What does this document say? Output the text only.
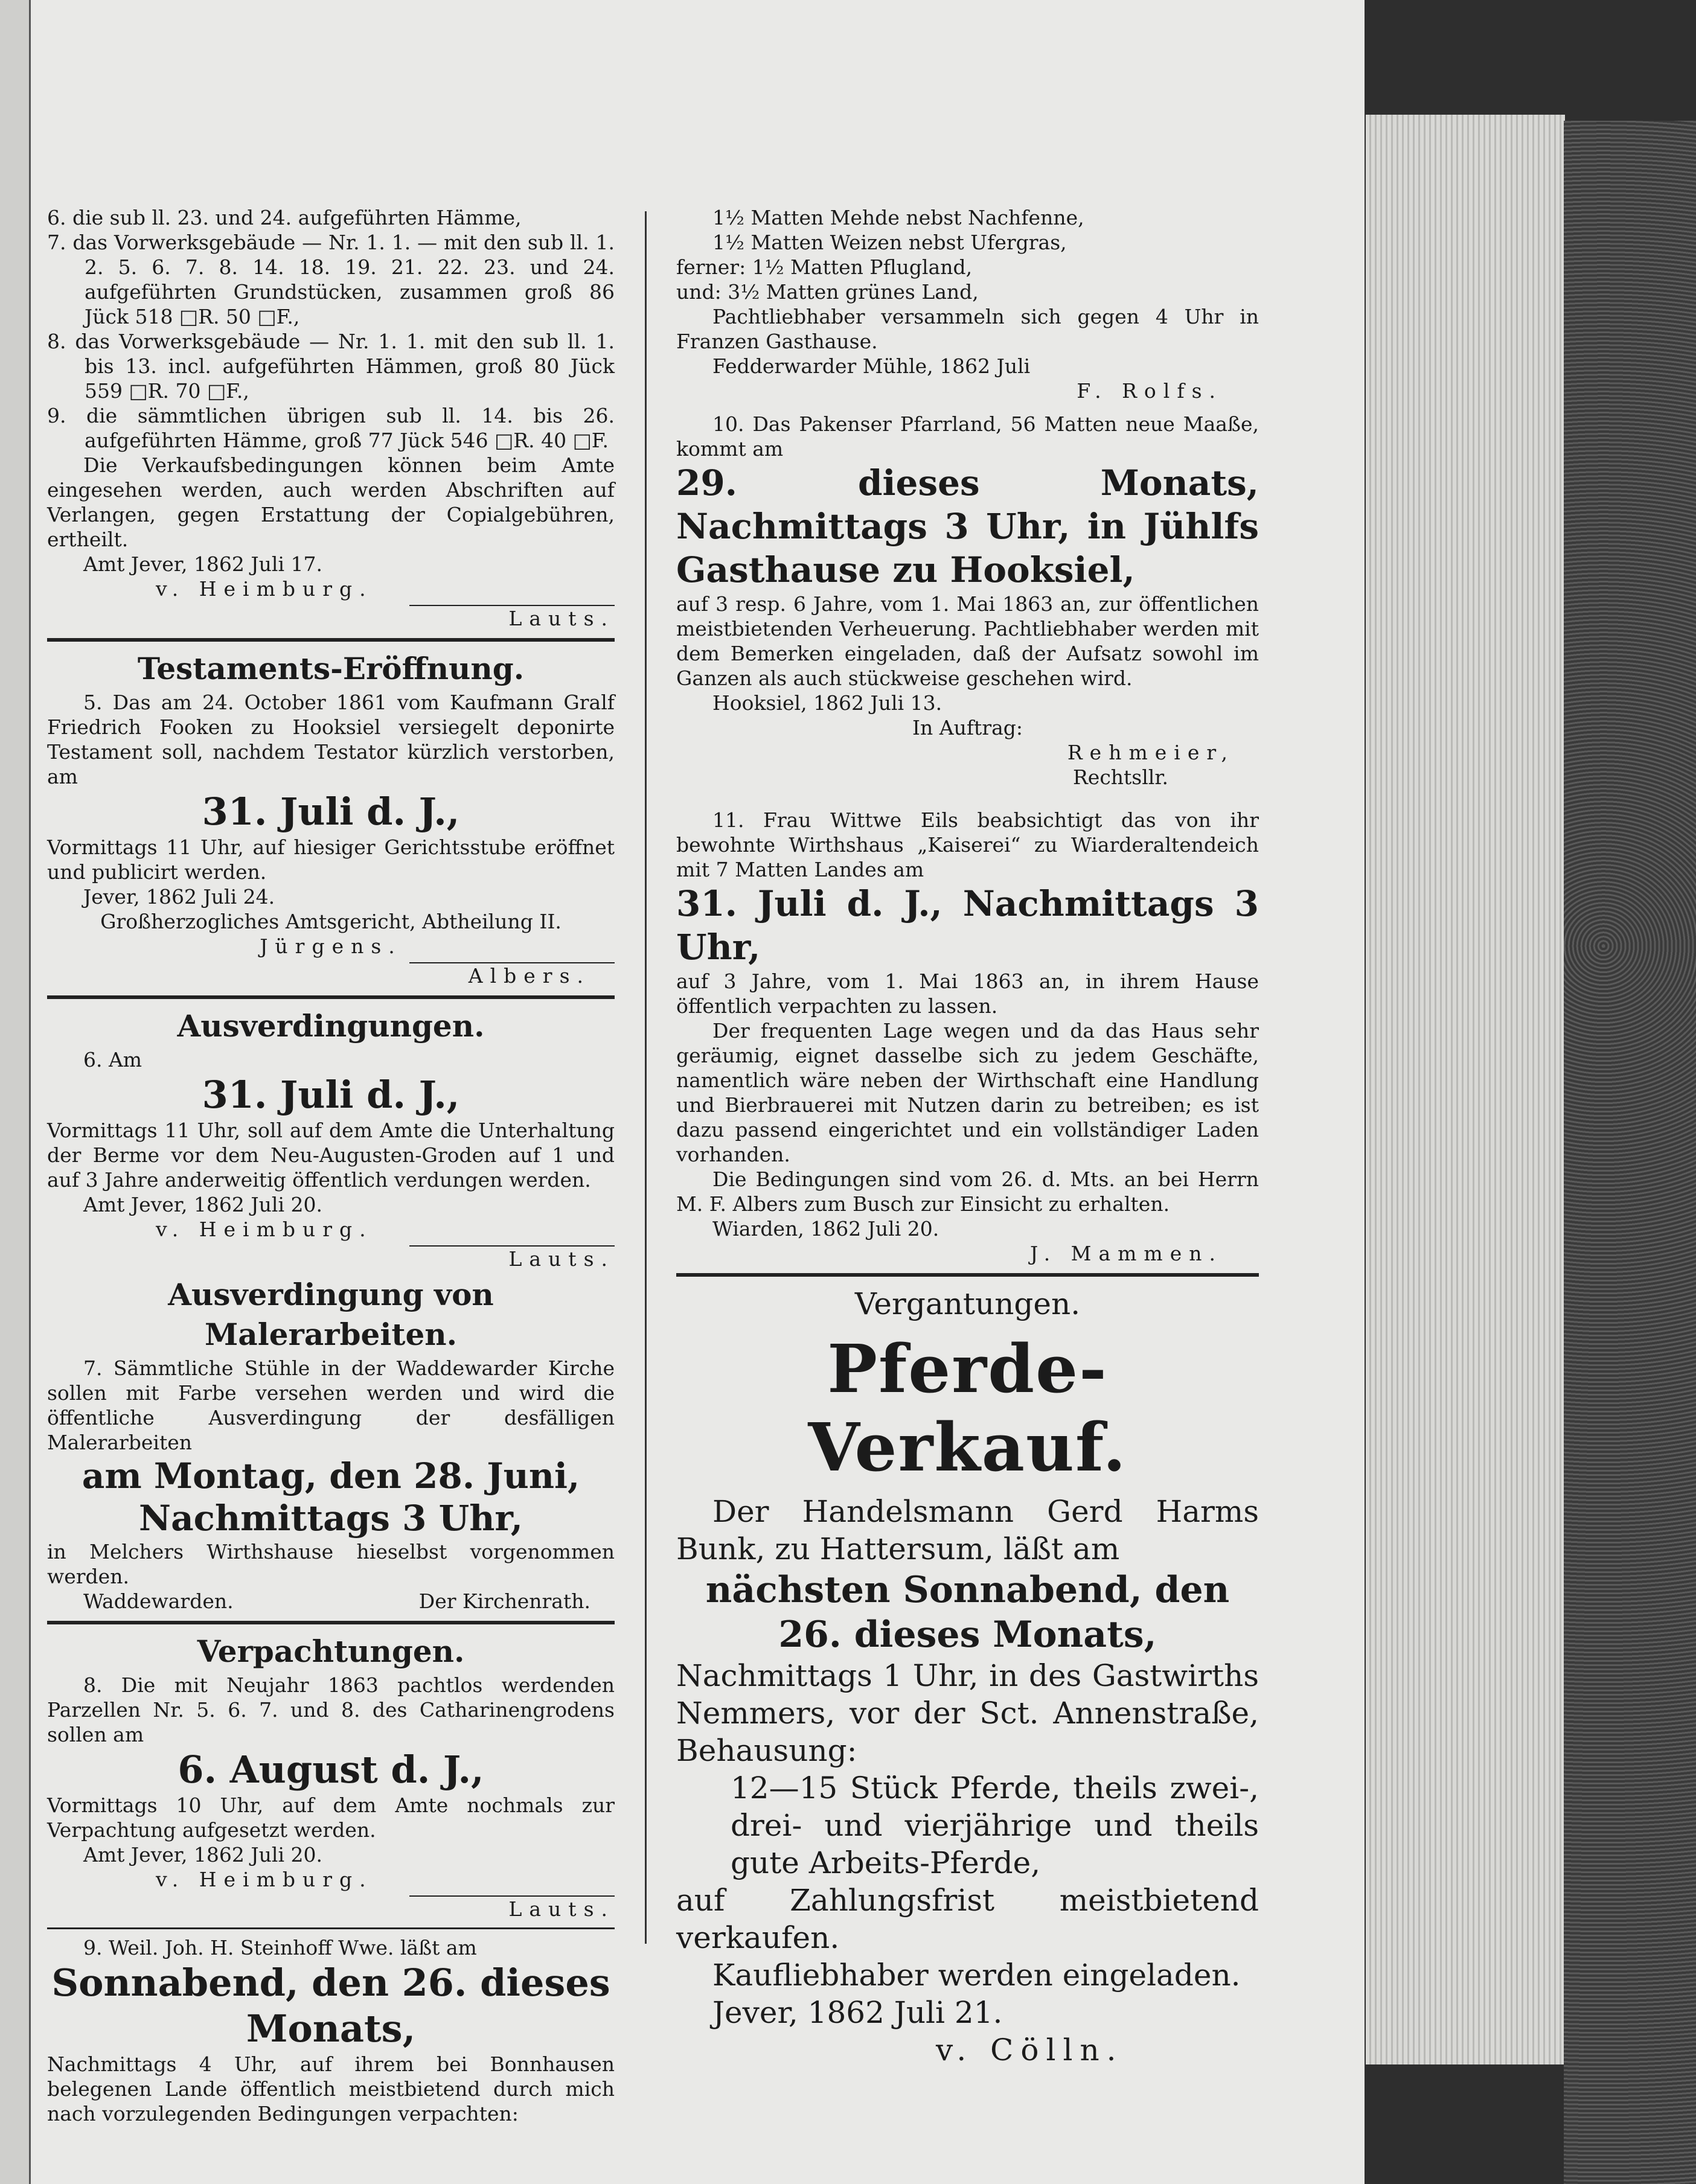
6. die sub ll. 23. und 24. aufgeführten Hämme,

7. das Vorwerksgebäude — Nr. 1. 1. — mit den sub ll. 1. 2. 5. 6. 7. 8. 14. 18. 19. 21. 22. 23. und 24. aufgeführten Grundstücken, zusammen groß 86 Jück 518 □R. 50 □F.,

8. das Vorwerksgebäude — Nr. 1. 1. mit den sub ll. 1. bis 13. incl. aufgeführten Hämmen, groß 80 Jück 559 □R. 70 □F.,

9. die sämmtlichen übrigen sub ll. 14. bis 26. aufgeführten Hämme, groß 77 Jück 546 □R. 40 □F.

Die Verkaufsbedingungen können beim Amte eingesehen werden, auch werden Abschriften auf Verlangen, gegen Erstattung der Copialgebühren, ertheilt.

Amt Jever, 1862 Juli 17.

v. Heimburg.

Lauts.

Testaments-Eröffnung.

5. Das am 24. October 1861 vom Kaufmann Gralf Friedrich Fooken zu Hooksiel versiegelt deponirte Testament soll, nachdem Testator kürzlich verstorben, am

31. Juli d. J.,

Vormittags 11 Uhr, auf hiesiger Gerichtsstube eröffnet und publicirt werden.

Jever, 1862 Juli 24.

Großherzogliches Amtsgericht, Abtheilung II.

Jürgens.

Albers.

Ausverdingungen.

6. Am

31. Juli d. J.,

Vormittags 11 Uhr, soll auf dem Amte die Unterhaltung der Berme vor dem Neu-Augusten-Groden auf 1 und auf 3 Jahre anderweitig öffentlich verdungen werden.

Amt Jever, 1862 Juli 20.

v. Heimburg.

Lauts.

Ausverdingung von Malerarbeiten.

7. Sämmtliche Stühle in der Waddewarder Kirche sollen mit Farbe versehen werden und wird die öffentliche Ausverdingung der desfälligen Malerarbeiten

am Montag, den 28. Juni, Nachmittags 3 Uhr,

in Melchers Wirthshause hieselbst vorgenommen werden.

Waddewarden.	Der Kirchenrath.

Verpachtungen.

8. Die mit Neujahr 1863 pachtlos werdenden Parzellen Nr. 5. 6. 7. und 8. des Catharinengrodens sollen am

6. August d. J.,

Vormittags 10 Uhr, auf dem Amte nochmals zur Verpachtung aufgesetzt werden.

Amt Jever, 1862 Juli 20.

v. Heimburg.

Lauts.

9. Weil. Joh. H. Steinhoff Wwe. läßt am

Sonnabend, den 26. dieses Monats,

Nachmittags 4 Uhr, auf ihrem bei Bonnhausen belegenen Lande öffentlich meistbietend durch mich nach vorzulegenden Bedingungen verpachten:

1½ Matten Mehde nebst Nachfenne,

1½ Matten Weizen nebst Ufergras,

ferner: 1½ Matten Pflugland,

und: 3½ Matten grünes Land,

Pachtliebhaber versammeln sich gegen 4 Uhr in Franzen Gasthause.

Fedderwarder Mühle, 1862 Juli

F. Rolfs.

10. Das Pakenser Pfarrland, 56 Matten neue Maaße, kommt am

29. dieses Monats, Nachmittags 3 Uhr, in Jühlfs Gasthause zu Hooksiel,

auf 3 resp. 6 Jahre, vom 1. Mai 1863 an, zur öffentlichen meistbietenden Verheuerung. Pachtliebhaber werden mit dem Bemerken eingeladen, daß der Aufsatz sowohl im Ganzen als auch stückweise geschehen wird.

Hooksiel, 1862 Juli 13.

In Auftrag:

Rehmeier,

Rechtsllr.

11. Frau Wittwe Eils beabsichtigt das von ihr bewohnte Wirthshaus „Kaiserei“ zu Wiarderaltendeich mit 7 Matten Landes am

31. Juli d. J., Nachmittags 3 Uhr,

auf 3 Jahre, vom 1. Mai 1863 an, in ihrem Hause öffentlich verpachten zu lassen.

Der frequenten Lage wegen und da das Haus sehr geräumig, eignet dasselbe sich zu jedem Geschäfte, namentlich wäre neben der Wirthschaft eine Handlung und Bierbrauerei mit Nutzen darin zu betreiben; es ist dazu passend eingerichtet und ein vollständiger Laden vorhanden.

Die Bedingungen sind vom 26. d. Mts. an bei Herrn M. F. Albers zum Busch zur Einsicht zu erhalten.

Wiarden, 1862 Juli 20.

J. Mammen.

Vergantungen.
Pferde-Verkauf.

Der Handelsmann Gerd Harms Bunk, zu Hattersum, läßt am

nächsten Sonnabend, den 26. dieses Monats,

Nachmittags 1 Uhr, in des Gastwirths Nemmers, vor der Sct. Annenstraße, Behausung:

12—15 Stück Pferde, theils zwei-, drei- und vierjährige und theils gute Arbeits-Pferde,

auf Zahlungsfrist meistbietend verkaufen.

Kaufliebhaber werden eingeladen.

Jever, 1862 Juli 21.

v. Cölln.
